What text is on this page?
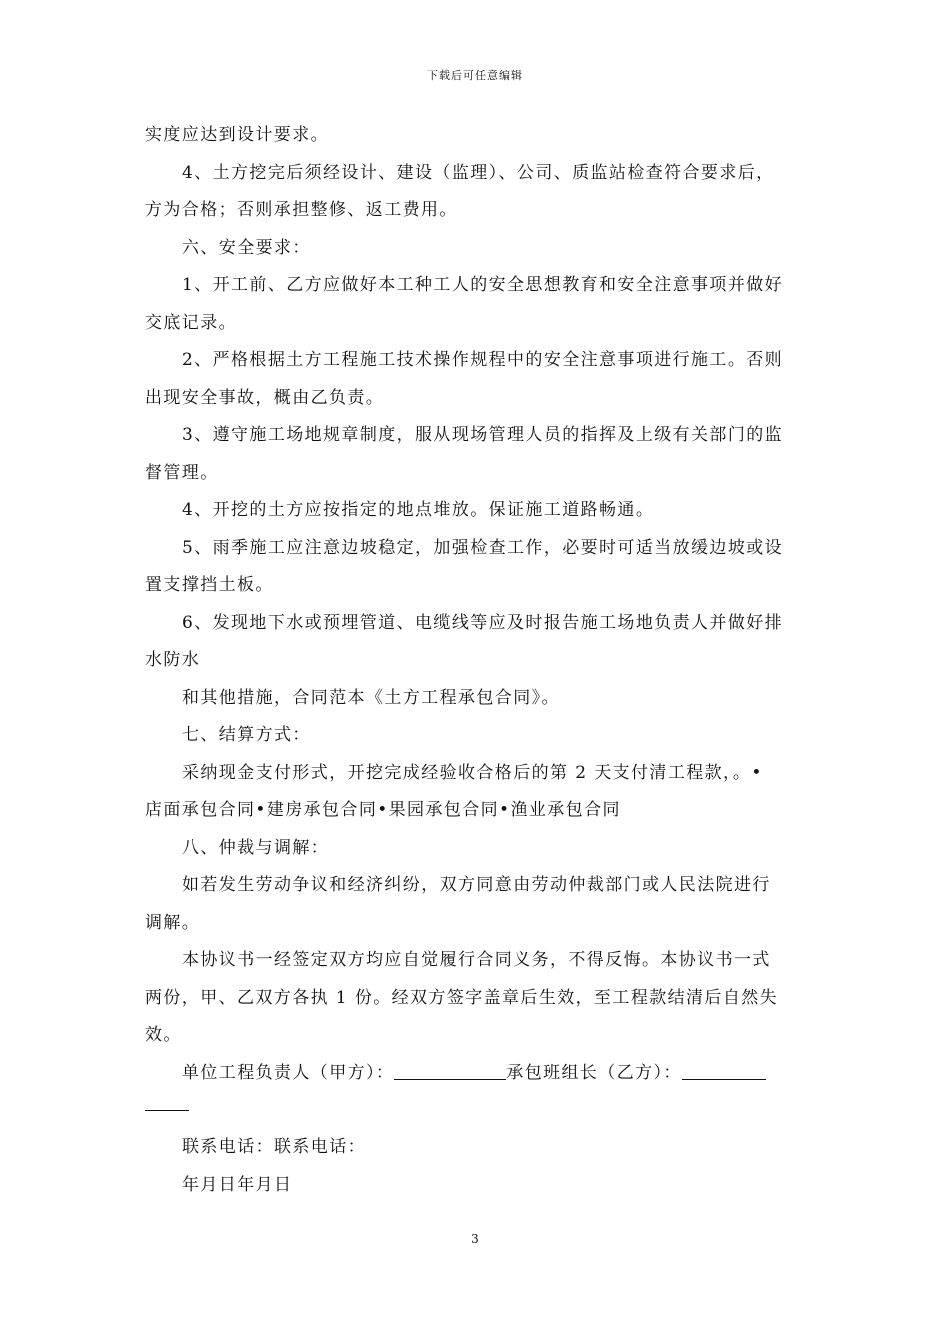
下载后可任意编辑

实度应达到设计要求。

4、土方挖完后须经设计、建设（监理）、公司、质监站检查符合要求后，

方为合格；否则承担整修、返工费用。

六、安全要求：

1、开工前、乙方应做好本工种工人的安全思想教育和安全注意事项并做好

交底记录。

2、严格根据土方工程施工技术操作规程中的安全注意事项进行施工。否则

出现安全事故，概由乙负责。

3、遵守施工场地规章制度，服从现场管理人员的指挥及上级有关部门的监

督管理。

4、开挖的土方应按指定的地点堆放。保证施工道路畅通。

5、雨季施工应注意边坡稳定，加强检查工作，必要时可适当放缓边坡或设

置支撑挡土板。

6、发现地下水或预埋管道、电缆线等应及时报告施工场地负责人并做好排

水防水

和其他措施，合同范本《土方工程承包合同》。

七、结算方式：

采纳现金支付形式，开挖完成经验收合格后的第 2 天支付清工程款，。•

店面承包合同•建房承包合同•果园承包合同•渔业承包合同

八、仲裁与调解：

如若发生劳动争议和经济纠纷，双方同意由劳动仲裁部门或人民法院进行

调解。

本协议书一经签定双方均应自觉履行合同义务，不得反悔。本协议书一式

两份，甲、乙双方各执 1 份。经双方签字盖章后生效，至工程款结清后自然失

效。

单位工程负责人（甲方）：	承包班组长（乙方）：

联系电话：联系电话：

年月日年月日

3
